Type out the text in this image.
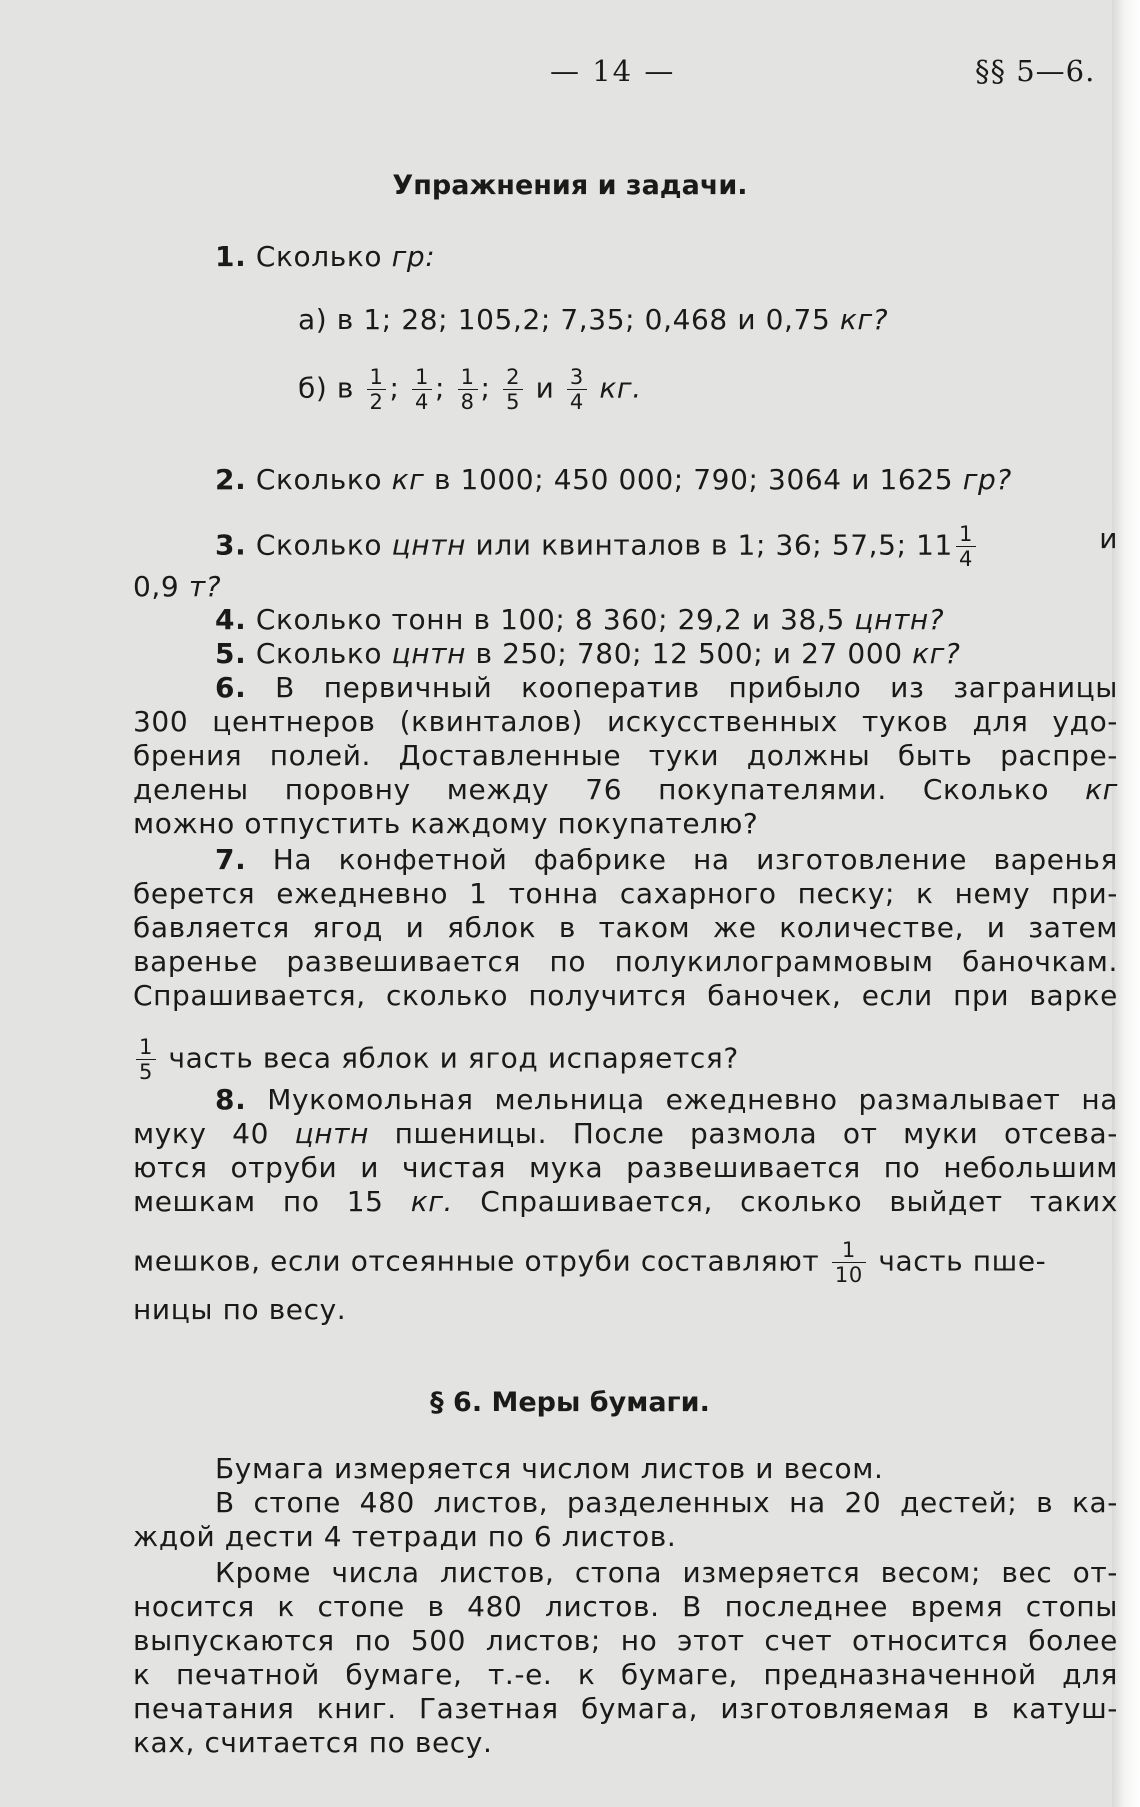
— 14 —	§§ 5—6.
Упражнения и задачи.
1. Сколько гр:
а) в 1; 28; 105,2; 7,35; 0,468 и 0,75 кг?
б) в $\frac{1}{2}$ ; $\frac{1}{4}$ ; $\frac{1}{8}$ ; $\frac{2}{5}$ и $\frac{3}{4}$ кг.
2. Сколько кг в 1000; 450 000; 790; 3064 и 1625 гр?
3. Сколько цнтн или квинталов в 1; 36; 57,5; $11 \frac{1}{4}$	и
0,9 т?
4. Сколько тонн в 100; 8 360; 29,2 и 38,5 цнтн?
5. Сколько цнтн в 250; 780; 12 500; и 27 000 кг?
6. В первичный кооператив прибыло из заграницы
300 центнеров (квинталов) искусственных туков для удо-
брения полей. Доставленные туки должны быть распре-
делены поровну между 76 покупателями. Сколько кг
можно отпустить каждому покупателю?
7. На конфетной фабрике на изготовление варенья
берется ежедневно 1 тонна сахарного песку; к нему при-
бавляется ягод и яблок в таком же количестве, и затем
варенье развешивается по полукилограммовым баночкам.
Спрашивается, сколько получится баночек, если при варке
$\frac{1}{5}$ часть веса яблок и ягод испаряется?
8. Мукомольная мельница ежедневно размалывает на
муку 40 цнтн пшеницы. После размола от муки отсева-
ются отруби и чистая мука развешивается по небольшим
мешкам по 15 кг. Спрашивается, сколько выйдет таких
мешков, если отсеянные отруби составляют $\frac{1}{10}$ часть пше-
ницы по весу.
§ 6. Меры бумаги.
Бумага измеряется числом листов и весом.
В стопе 480 листов, разделенных на 20 дестей; в ка-
ждой дести 4 тетради по 6 листов.
Кроме числа листов, стопа измеряется весом; вес от-
носится к стопе в 480 листов. В последнее время стопы
выпускаются по 500 листов; но этот счет относится более
к печатной бумаге, т.-е. к бумаге, предназначенной для
печатания книг. Газетная бумага, изготовляемая в катуш-
ках, считается по весу.
